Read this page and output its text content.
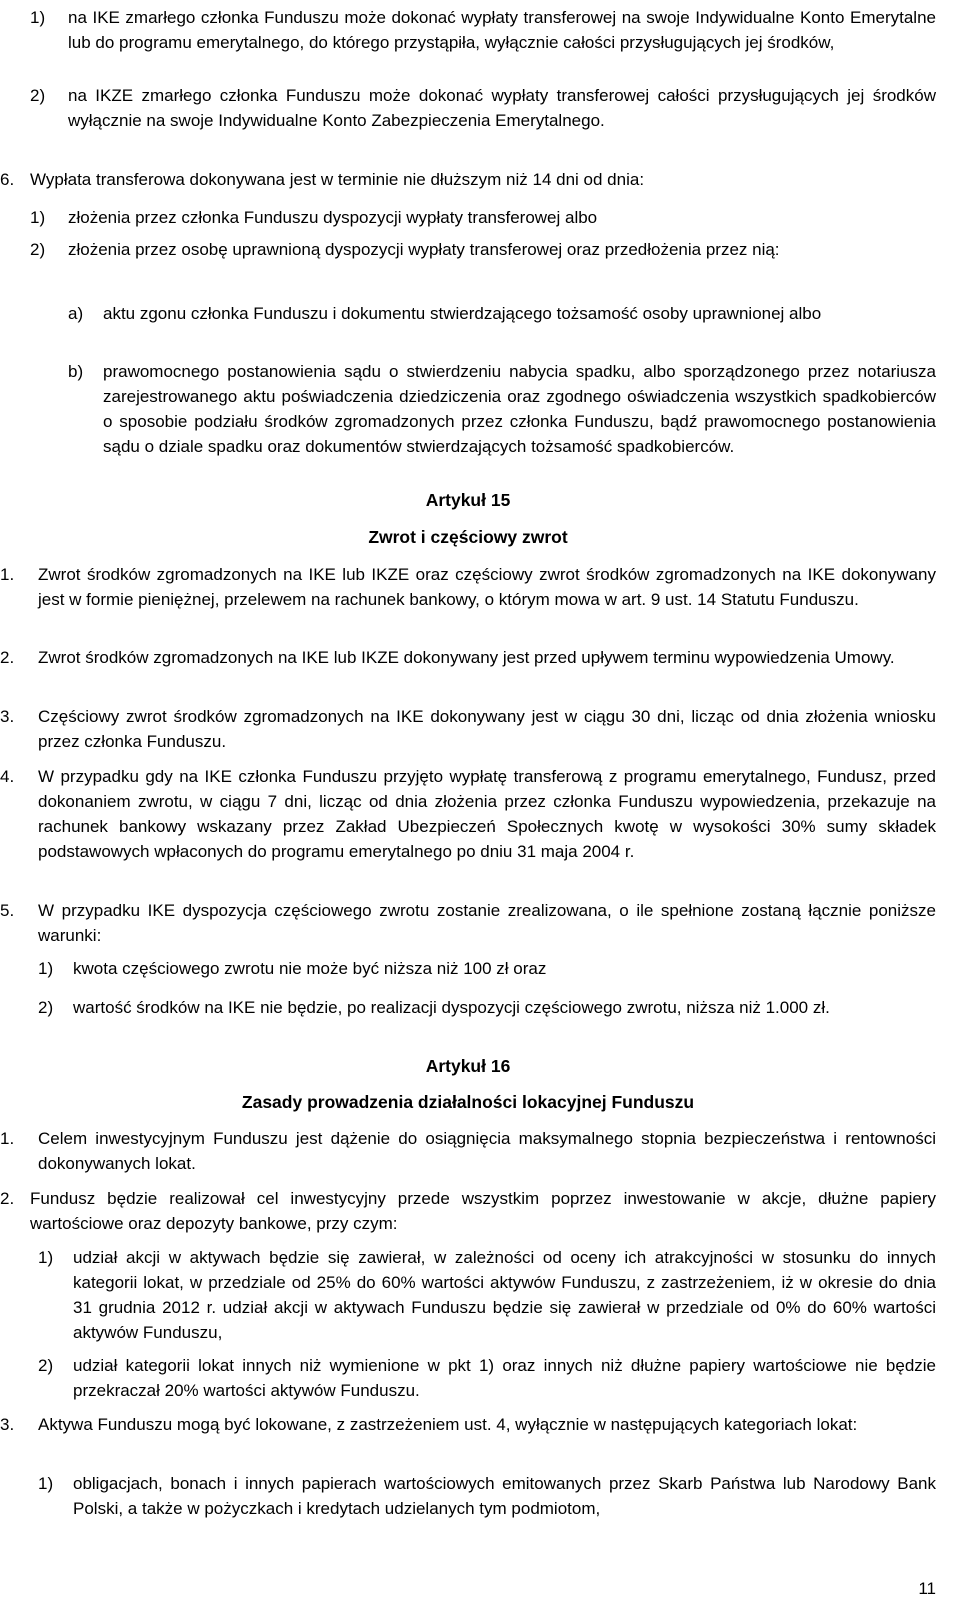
1)	na IKE zmarłego członka Funduszu może dokonać wypłaty transferowej na swoje Indywidualne Konto Emerytalne lub do programu emerytalnego, do którego przystąpiła, wyłącznie całości przysługujących jej środków,
2)	na IKZE zmarłego członka Funduszu może dokonać wypłaty transferowej całości przysługujących jej środków wyłącznie na swoje Indywidualne Konto Zabezpieczenia Emerytalnego.
6. Wypłata transferowa dokonywana jest w terminie nie dłuższym niż 14 dni od dnia:
1)	złożenia przez członka Funduszu dyspozycji wypłaty transferowej albo
2)	złożenia przez osobę uprawnioną dyspozycji wypłaty transferowej oraz przedłożenia przez nią:
a)	aktu zgonu członka Funduszu i dokumentu stwierdzającego tożsamość osoby uprawnionej albo
b)	prawomocnego postanowienia sądu o stwierdzeniu nabycia spadku, albo sporządzonego przez notariusza zarejestrowanego aktu poświadczenia dziedziczenia oraz zgodnego oświadczenia wszystkich spadkobierców o sposobie podziału środków zgromadzonych przez członka Funduszu, bądź prawomocnego postanowienia sądu o dziale spadku oraz dokumentów stwierdzających tożsamość spadkobierców.
Artykuł 15
Zwrot i częściowy zwrot
1.	Zwrot środków zgromadzonych na IKE lub IKZE oraz częściowy zwrot środków zgromadzonych na IKE dokonywany jest w formie pieniężnej, przelewem na rachunek bankowy, o którym mowa w art. 9 ust. 14 Statutu Funduszu.
2.	Zwrot środków zgromadzonych na IKE lub IKZE dokonywany jest przed upływem terminu wypowiedzenia Umowy.
3.	Częściowy zwrot środków zgromadzonych na IKE dokonywany jest w ciągu 30 dni, licząc od dnia złożenia wniosku przez członka Funduszu.
4.	W przypadku gdy na IKE członka Funduszu przyjęto wypłatę transferową z programu emerytalnego, Fundusz, przed dokonaniem zwrotu, w ciągu 7 dni, licząc od dnia złożenia przez członka Funduszu wypowiedzenia, przekazuje na rachunek bankowy wskazany przez Zakład Ubezpieczeń Społecznych kwotę w wysokości 30% sumy składek podstawowych wpłaconych do programu emerytalnego po dniu 31 maja 2004 r.
5.	W przypadku IKE dyspozycja częściowego zwrotu zostanie zrealizowana, o ile spełnione zostaną łącznie poniższe warunki:
1)	kwota częściowego zwrotu nie może być niższa niż 100 zł oraz
2)	wartość środków na IKE nie będzie, po realizacji dyspozycji częściowego zwrotu, niższa niż 1.000 zł.
Artykuł 16
Zasady prowadzenia działalności lokacyjnej Funduszu
1.	Celem inwestycyjnym Funduszu jest dążenie do osiągnięcia maksymalnego stopnia bezpieczeństwa i rentowności dokonywanych lokat.
2. Fundusz będzie realizował cel inwestycyjny przede wszystkim poprzez inwestowanie w akcje, dłużne papiery wartościowe oraz depozyty bankowe, przy czym:
1)	udział akcji w aktywach będzie się zawierał, w zależności od oceny ich atrakcyjności w stosunku do innych kategorii lokat, w przedziale od 25% do 60% wartości aktywów Funduszu, z zastrzeżeniem, iż w okresie do dnia 31 grudnia 2012 r. udział akcji w aktywach Funduszu będzie się zawierał w przedziale od 0% do 60% wartości aktywów Funduszu,
2)	udział kategorii lokat innych niż wymienione w pkt 1) oraz innych niż dłużne papiery wartościowe nie będzie przekraczał 20% wartości aktywów Funduszu.
3.	Aktywa Funduszu mogą być lokowane, z zastrzeżeniem ust. 4, wyłącznie w następujących kategoriach lokat:
1)	obligacjach, bonach i innych papierach wartościowych emitowanych przez Skarb Państwa lub Narodowy Bank Polski, a także w pożyczkach i kredytach udzielanych tym podmiotom,
11
